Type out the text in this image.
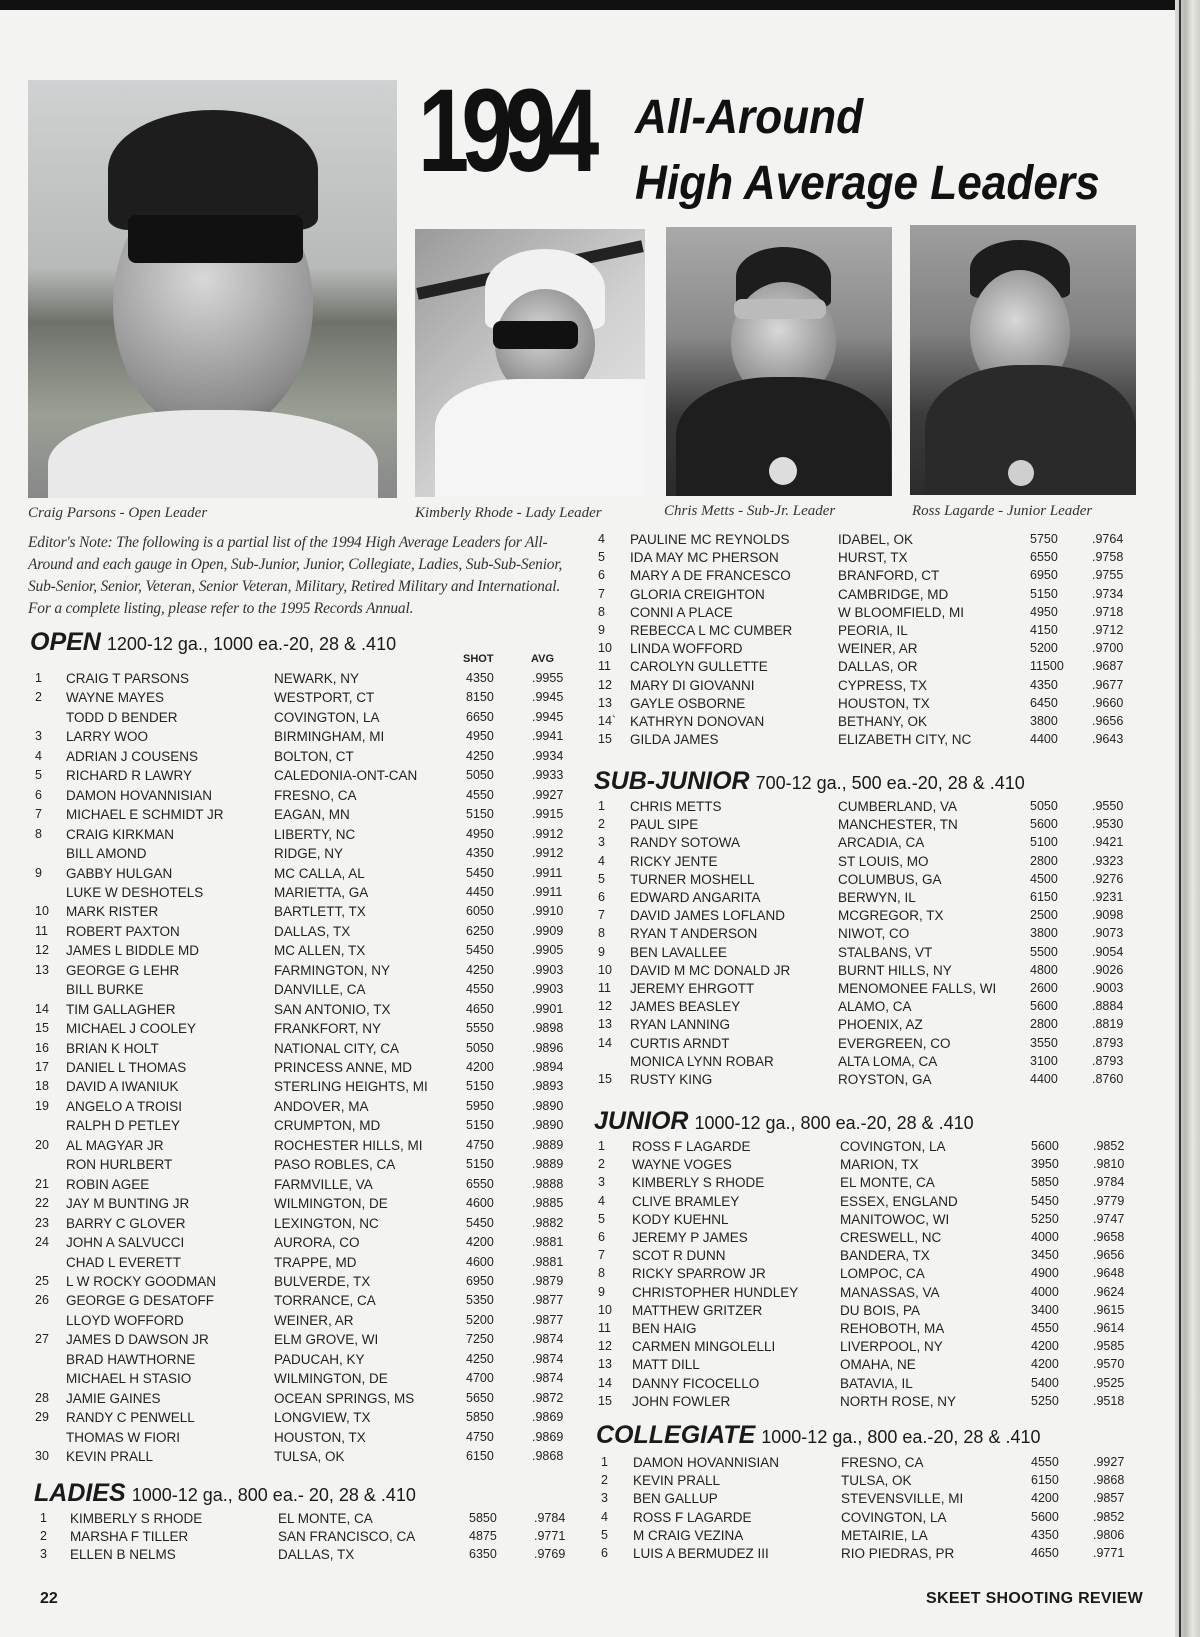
1994 All-Around
High Average Leaders
Craig Parsons - Open Leader	Kimberly Rhode - Lady Leader	Chris Metts - Sub-Jr. Leader	Ross Lagarde - Junior Leader
Editor's Note: The following is a partial list of the 1994 High Average Leaders for All-Around and each gauge in Open, Sub-Junior, Junior, Collegiate, Ladies, Sub-Sub-Senior, Sub-Senior, Senior, Veteran, Senior Veteran, Military, Retired Military and International. For a complete listing, please refer to the 1995 Records Annual.
OPEN 1200-12 ga., 1000 ea.-20, 28 & .410
SHOT	AVG
LADIES 1000-12 ga., 800 ea.- 20, 28 & .410
SUB-JUNIOR 700-12 ga., 500 ea.-20, 28 & .410
JUNIOR 1000-12 ga., 800 ea.-20, 28 & .410
COLLEGIATE 1000-12 ga., 800 ea.-20, 28 & .410
1 CRAIG T PARSONS	NEWARK, NY	4350	.9955
2 WAYNE MAYES	WESTPORT, CT	8150	.9945
TODD D BENDER	COVINGTON, LA	6650	.9945
3 LARRY WOO	BIRMINGHAM, MI	4950	.9941
4 ADRIAN J COUSENS	BOLTON, CT	4250	.9934
5 RICHARD R LAWRY	CALEDONIA-ONT-CAN	5050	.9933
6 DAMON HOVANNISIAN	FRESNO, CA	4550	.9927
7 MICHAEL E SCHMIDT JR	EAGAN, MN	5150	.9915
8 CRAIG KIRKMAN	LIBERTY, NC	4950	.9912
BILL AMOND	RIDGE, NY	4350	.9912
9 GABBY HULGAN	MC CALLA, AL	5450	.9911
LUKE W DESHOTELS	MARIETTA, GA	4450	.9911
10 MARK RISTER	BARTLETT, TX	6050	.9910
11 ROBERT PAXTON	DALLAS, TX	6250	.9909
12 JAMES L BIDDLE MD	MC ALLEN, TX	5450	.9905
13 GEORGE G LEHR	FARMINGTON, NY	4250	.9903
BILL BURKE	DANVILLE, CA	4550	.9903
14 TIM GALLAGHER	SAN ANTONIO, TX	4650	.9901
15 MICHAEL J COOLEY	FRANKFORT, NY	5550	.9898
16 BRIAN K HOLT	NATIONAL CITY, CA	5050	.9896
17 DANIEL L THOMAS	PRINCESS ANNE, MD	4200	.9894
18 DAVID A IWANIUK	STERLING HEIGHTS, MI	5150	.9893
19 ANGELO A TROISI	ANDOVER, MA	5950	.9890
RALPH D PETLEY	CRUMPTON, MD	5150	.9890
20 AL MAGYAR JR	ROCHESTER HILLS, MI	4750	.9889
RON HURLBERT	PASO ROBLES, CA	5150	.9889
21 ROBIN AGEE	FARMVILLE, VA	6550	.9888
22 JAY M BUNTING JR	WILMINGTON, DE	4600	.9885
23 BARRY C GLOVER	LEXINGTON, NC	5450	.9882
24 JOHN A SALVUCCI	AURORA, CO	4200	.9881
CHAD L EVERETT	TRAPPE, MD	4600	.9881
25 L W ROCKY GOODMAN	BULVERDE, TX	6950	.9879
26 GEORGE G DESATOFF	TORRANCE, CA	5350	.9877
LLOYD WOFFORD	WEINER, AR	5200	.9877
27 JAMES D DAWSON JR	ELM GROVE, WI	7250	.9874
BRAD HAWTHORNE	PADUCAH, KY	4250	.9874
MICHAEL H STASIO	WILMINGTON, DE	4700	.9874
28 JAMIE GAINES	OCEAN SPRINGS, MS	5650	.9872
29 RANDY C PENWELL	LONGVIEW, TX	5850	.9869
THOMAS W FIORI	HOUSTON, TX	4750	.9869
30 KEVIN PRALL	TULSA, OK	6150	.9868
1 KIMBERLY S RHODE	EL MONTE, CA	5850	.9784
2 MARSHA F TILLER	SAN FRANCISCO, CA	4875	.9771
3 ELLEN B NELMS	DALLAS, TX	6350	.9769
4 PAULINE MC REYNOLDS	IDABEL, OK	5750	.9764
5 IDA MAY MC PHERSON	HURST, TX	6550	.9758
6 MARY A DE FRANCESCO	BRANFORD, CT	6950	.9755
7 GLORIA CREIGHTON	CAMBRIDGE, MD	5150	.9734
8 CONNI A PLACE	W BLOOMFIELD, MI	4950	.9718
9 REBECCA L MC CUMBER	PEORIA, IL	4150	.9712
10 LINDA WOFFORD	WEINER, AR	5200	.9700
11 CAROLYN GULLETTE	DALLAS, OR	11500 .9687
12 MARY DI GIOVANNI	CYPRESS, TX	4350	.9677
13 GAYLE OSBORNE	HOUSTON, TX	6450	.9660
14` KATHRYN DONOVAN	BETHANY, OK	3800	.9656
15 GILDA JAMES	ELIZABETH CITY, NC	4400	.9643
1 CHRIS METTS	CUMBERLAND, VA	5050	.9550
2 PAUL SIPE	MANCHESTER, TN	5600	.9530
3 RANDY SOTOWA	ARCADIA, CA	5100	.9421
4 RICKY JENTE	ST LOUIS, MO	2800	.9323
5 TURNER MOSHELL	COLUMBUS, GA	4500	.9276
6 EDWARD ANGARITA	BERWYN, IL	6150	.9231
7 DAVID JAMES LOFLAND	MCGREGOR, TX	2500	.9098
8 RYAN T ANDERSON	NIWOT, CO	3800	.9073
9 BEN LAVALLEE	STALBANS, VT	5500	.9054
10 DAVID M MC DONALD JR	BURNT HILLS, NY	4800	.9026
11 JEREMY EHRGOTT	MENOMONEE FALLS, WI	2600	.9003
12 JAMES BEASLEY	ALAMO, CA	5600	.8884
13 RYAN LANNING	PHOENIX, AZ	2800	.8819
14 CURTIS ARNDT	EVERGREEN, CO	3550	.8793
MONICA LYNN ROBAR	ALTA LOMA, CA	3100	.8793
15 RUSTY KING	ROYSTON, GA	4400	.8760
1 ROSS F LAGARDE	COVINGTON, LA	5600	.9852
2 WAYNE VOGES	MARION, TX	3950	.9810
3 KIMBERLY S RHODE	EL MONTE, CA	5850	.9784
4 CLIVE BRAMLEY	ESSEX, ENGLAND	5450	.9779
5 KODY KUEHNL	MANITOWOC, WI	5250	.9747
6 JEREMY P JAMES	CRESWELL, NC	4000	.9658
7 SCOT R DUNN	BANDERA, TX	3450	.9656
8 RICKY SPARROW JR	LOMPOC, CA	4900	.9648
9 CHRISTOPHER HUNDLEY	MANASSAS, VA	4000	.9624
10 MATTHEW GRITZER	DU BOIS, PA	3400	.9615
11 BEN HAIG	REHOBOTH, MA	4550	.9614
12 CARMEN MINGOLELLI	LIVERPOOL, NY	4200	.9585
13 MATT DILL	OMAHA, NE	4200	.9570
14 DANNY FICOCELLO	BATAVIA, IL	5400	.9525
15 JOHN FOWLER	NORTH ROSE, NY	5250	.9518
1 DAMON HOVANNISIAN	FRESNO, CA	4550	.9927
2 KEVIN PRALL	TULSA, OK	6150	.9868
3 BEN GALLUP	STEVENSVILLE, MI	4200	.9857
4 ROSS F LAGARDE	COVINGTON, LA	5600	.9852
5 M CRAIG VEZINA	METAIRIE, LA	4350	.9806
6 LUIS A BERMUDEZ III	RIO PIEDRAS, PR	4650	.9771
22	SKEET SHOOTING REVIEW
